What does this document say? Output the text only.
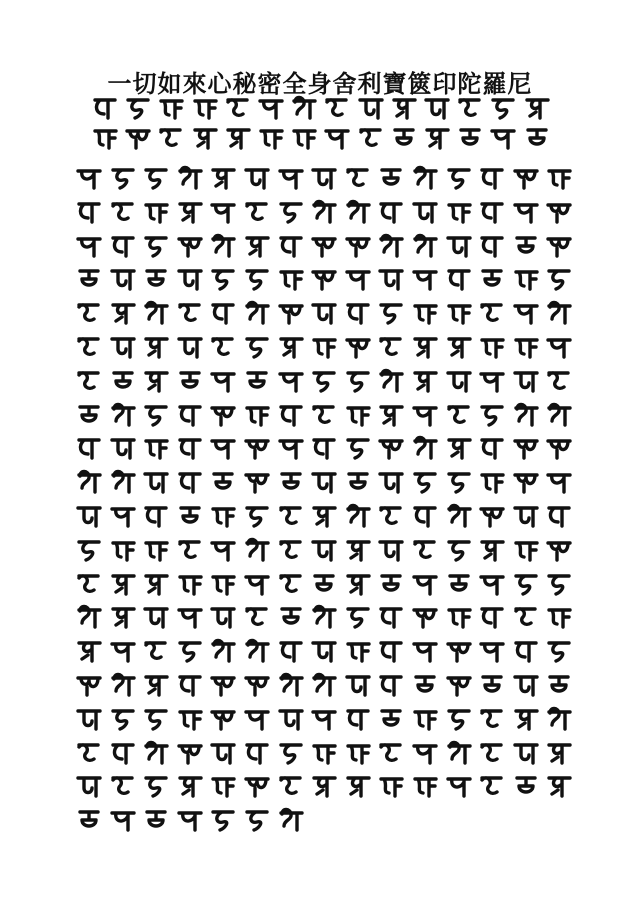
一切如來心秘密全身舍利寶篋印陀羅尼
